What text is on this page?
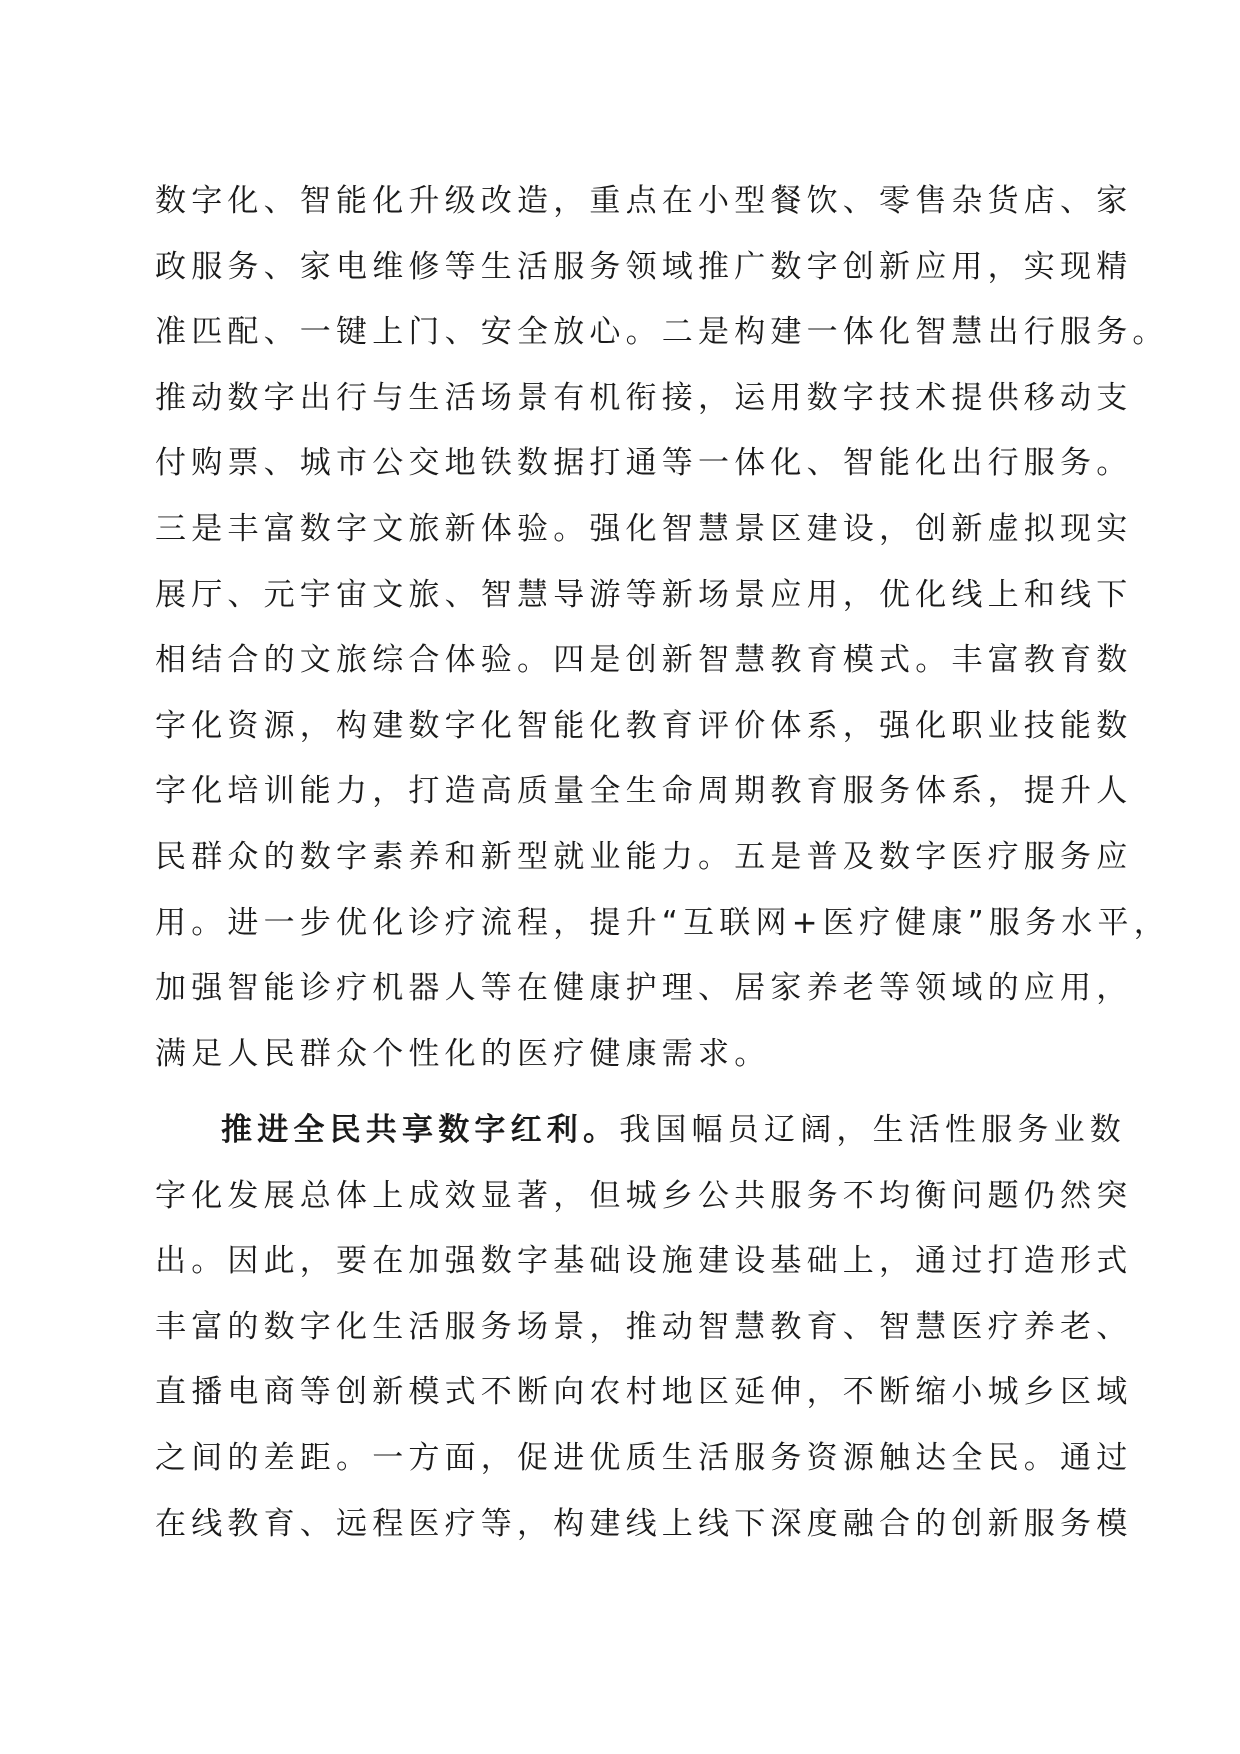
数字化、智能化升级改造，重点在小型餐饮、零售杂货店、家
政服务、家电维修等生活服务领域推广数字创新应用，实现精
准匹配、一键上门、安全放心。二是构建一体化智慧出行服务。
推动数字出行与生活场景有机衔接，运用数字技术提供移动支
付购票、城市公交地铁数据打通等一体化、智能化出行服务。
三是丰富数字文旅新体验。强化智慧景区建设，创新虚拟现实
展厅、元宇宙文旅、智慧导游等新场景应用，优化线上和线下
相结合的文旅综合体验。四是创新智慧教育模式。丰富教育数
字化资源，构建数字化智能化教育评价体系，强化职业技能数
字化培训能力，打造高质量全生命周期教育服务体系，提升人
民群众的数字素养和新型就业能力。五是普及数字医疗服务应
用。进一步优化诊疗流程，提升“互联网+医疗健康”服务水平，
加强智能诊疗机器人等在健康护理、居家养老等领域的应用，
满足人民群众个性化的医疗健康需求。
推进全民共享数字红利。我国幅员辽阔，生活性服务业数
字化发展总体上成效显著，但城乡公共服务不均衡问题仍然突
出。因此，要在加强数字基础设施建设基础上，通过打造形式
丰富的数字化生活服务场景，推动智慧教育、智慧医疗养老、
直播电商等创新模式不断向农村地区延伸，不断缩小城乡区域
之间的差距。一方面，促进优质生活服务资源触达全民。通过
在线教育、远程医疗等，构建线上线下深度融合的创新服务模
